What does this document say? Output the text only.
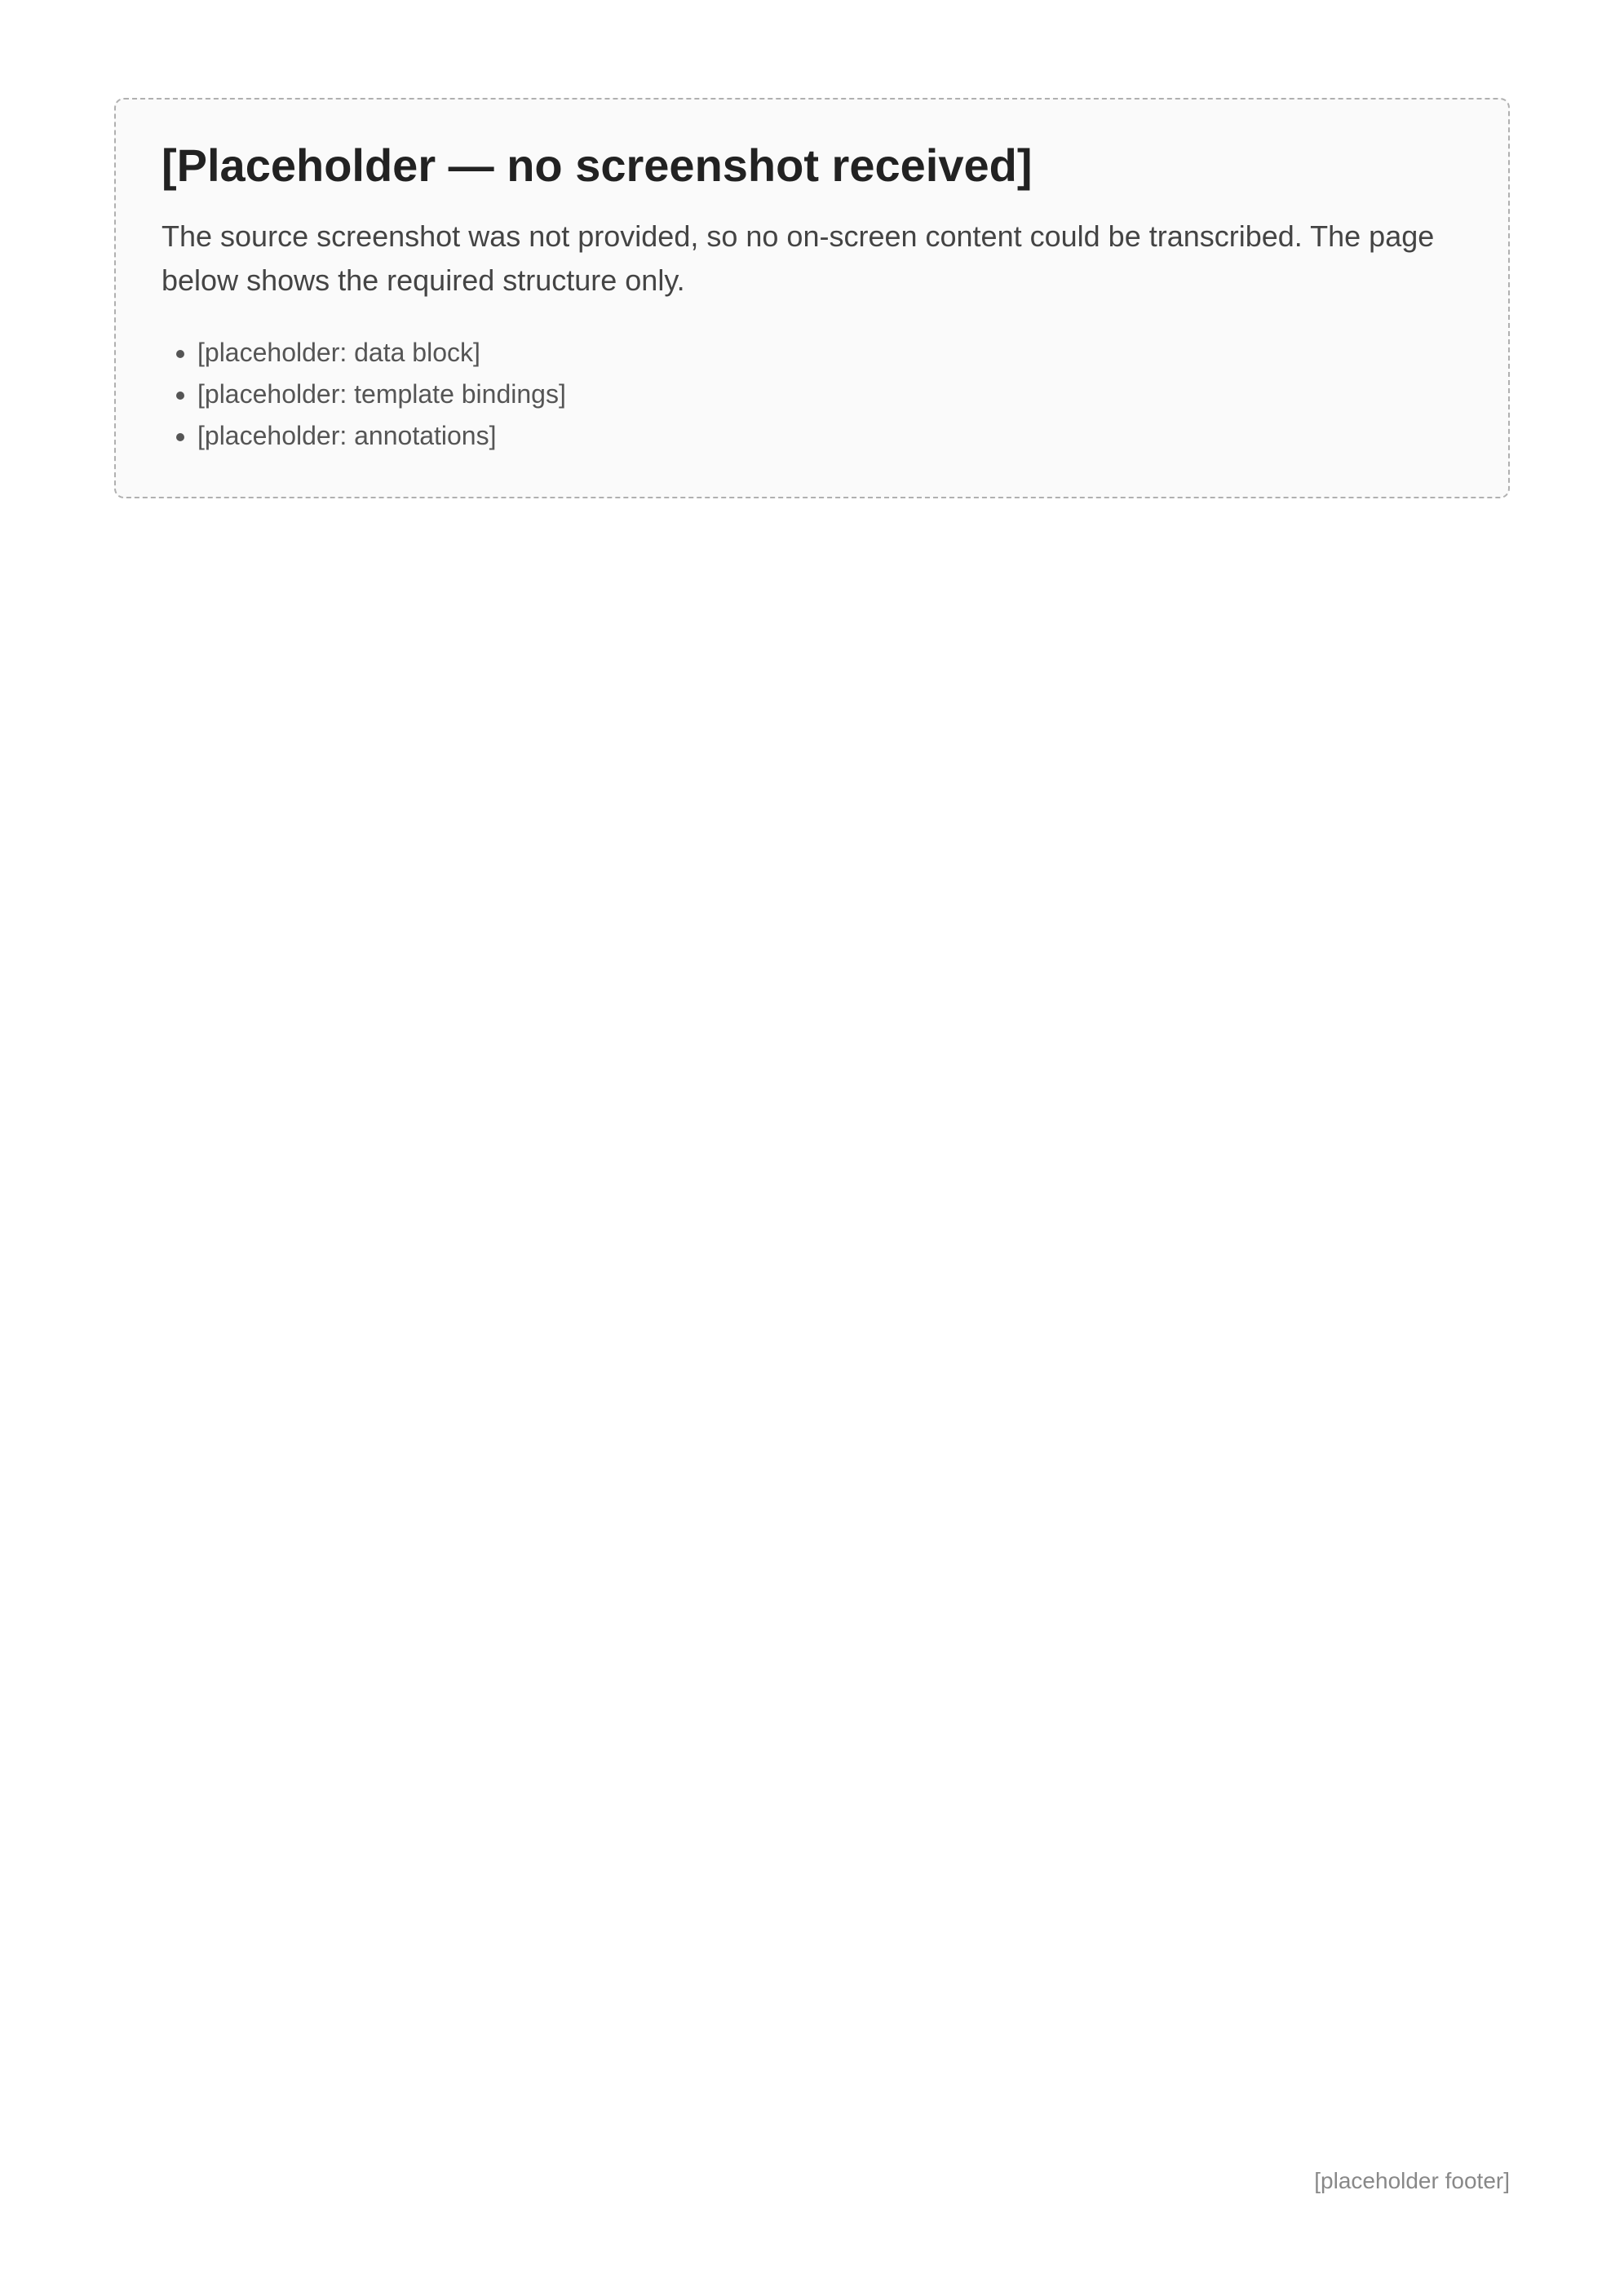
[Placeholder — no screenshot received]

The source screenshot was not provided, so no on-screen content could be transcribed. The page below shows the required structure only.

• [placeholder: data block]
• [placeholder: template bindings]
• [placeholder: annotations]
[placeholder footer]
